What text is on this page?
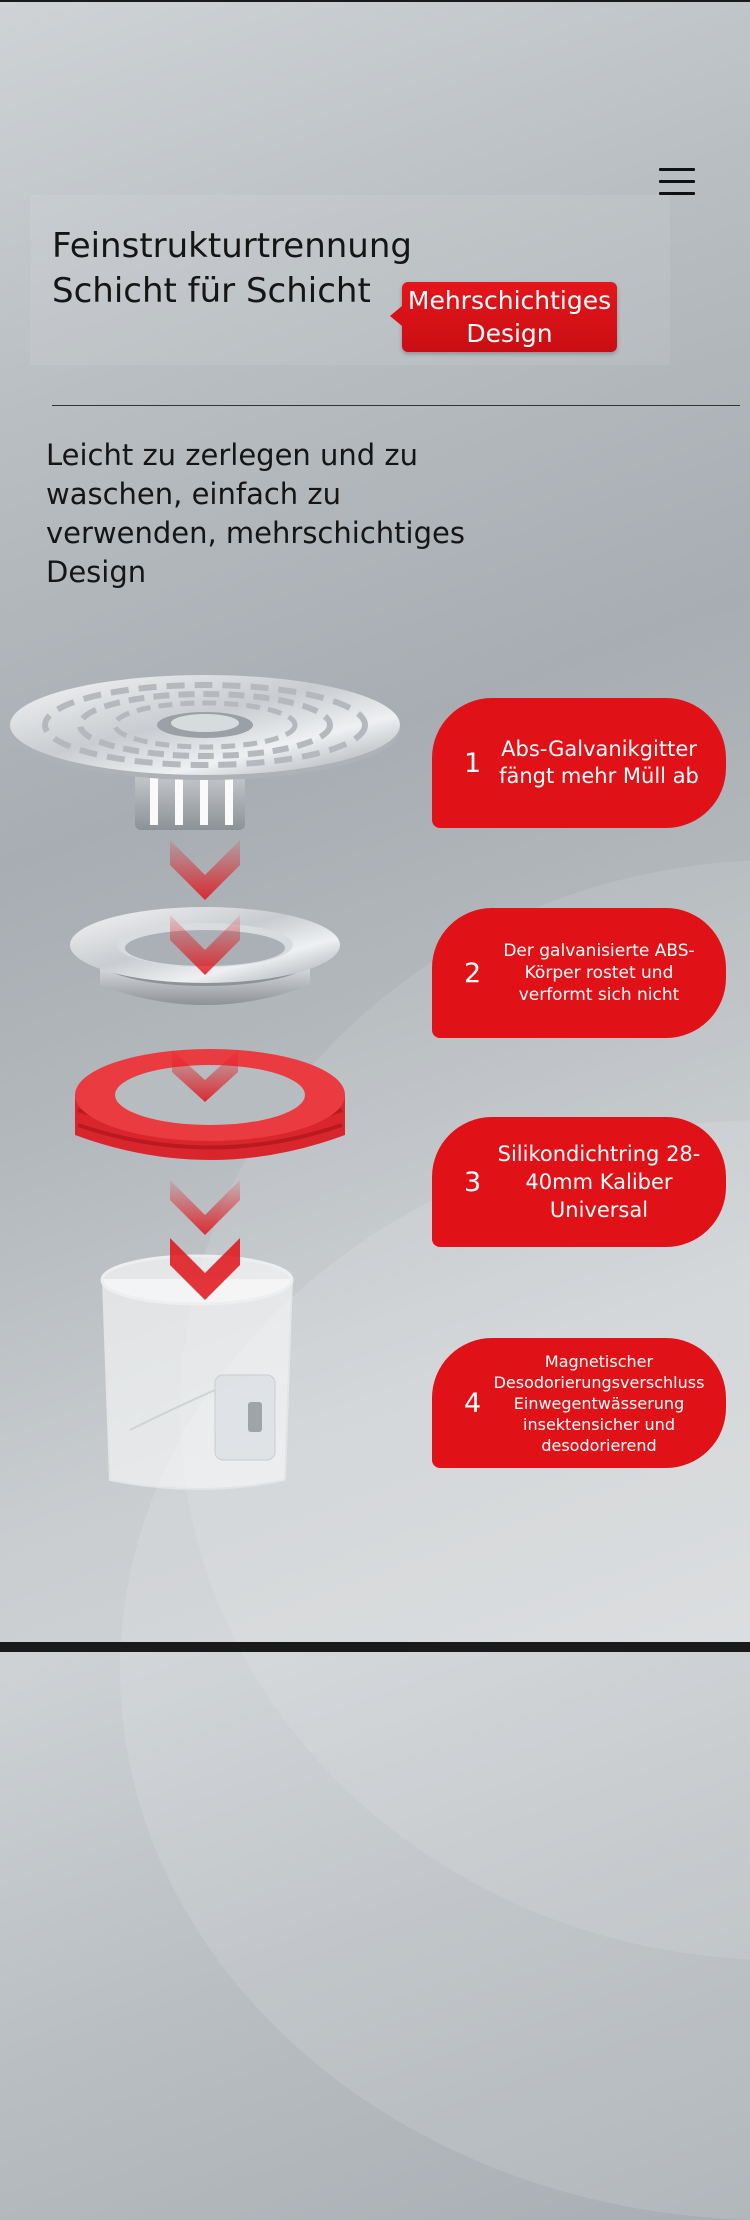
Feinstrukturtrennung Schicht für Schicht	Mehrschichtiges Design

Leicht zu zerlegen und zu waschen, einfach zu verwenden, mehrschichtiges Design

1 Abs-Galvanikgitter fängt mehr Müll ab
2
Der galvanisierte ABS-Körper rostet und verformt sich nicht
3
Silikondichtring 28-40mm Kaliber Universal
4
Magnetischer Desodorierungsverschluss Einwegentwässerung insektensicher und desodorierend
